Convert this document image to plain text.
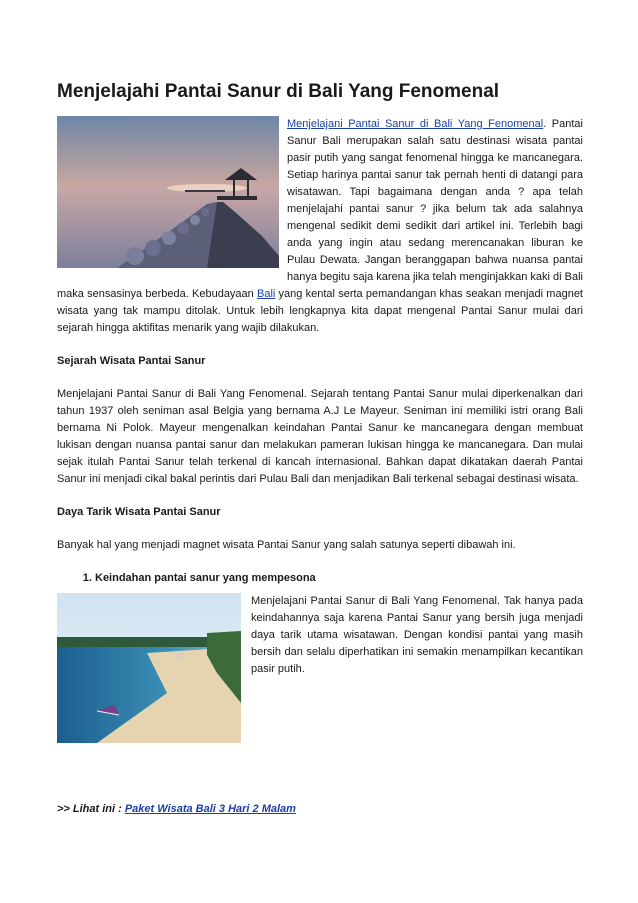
Menjelajahi Pantai Sanur di Bali Yang Fenomenal

Menjelajani Pantai Sanur di Bali Yang Fenomenal. Pantai Sanur Bali merupakan salah satu destinasi wisata pantai pasir putih yang sangat fenomenal hingga ke mancanegara. Setiap harinya pantai sanur tak pernah henti di datangi para wisatawan. Tapi bagaimana dengan anda ? apa telah menjelajahi pantai sanur ? jika belum tak ada salahnya mengenal sedikit demi sedikit dari artikel ini. Terlebih bagi anda yang ingin atau sedang merencanakan liburan ke Pulau Dewata. Jangan beranggapan bahwa nuansa pantai hanya begitu saja karena jika telah menginjakkan kaki di Bali maka sensasinya berbeda. Kebudayaan Bali yang kental serta pemandangan khas seakan menjadi magnet wisata yang tak mampu ditolak. Untuk lebih lengkapnya kita dapat mengenal Pantai Sanur mulai dari sejarah hingga aktifitas menarik yang wajib dilakukan.

Sejarah Wisata Pantai Sanur

Menjelajani Pantai Sanur di Bali Yang Fenomenal. Sejarah tentang Pantai Sanur mulai diperkenalkan dari tahun 1937 oleh seniman asal Belgia yang bernama A.J Le Mayeur. Seniman ini memiliki istri orang Bali bernama Ni Polok. Mayeur mengenalkan keindahan Pantai Sanur ke mancanegara dengan membuat lukisan dengan nuansa pantai sanur dan melakukan pameran lukisan hingga ke mancanegara. Dan mulai sejak itulah Pantai Sanur telah terkenal di kancah internasional. Bahkan dapat dikatakan daerah Pantai Sanur ini menjadi cikal bakal perintis dari Pulau Bali dan menjadikan Bali terkenal sebagai destinasi wisata.

Daya Tarik Wisata Pantai Sanur

Banyak hal yang menjadi magnet wisata Pantai Sanur yang salah satunya seperti dibawah ini.

1. Keindahan pantai sanur yang mempesona

Menjelajani Pantai Sanur di Bali Yang Fenomenal. Tak hanya pada keindahannya saja karena Pantai Sanur yang bersih juga menjadi daya tarik utama wisatawan. Dengan kondisi pantai yang masih bersih dan selalu diperhatikan ini semakin menampilkan kecantikan pasir putih.

>> Lihat ini : Paket Wisata Bali 3 Hari 2 Malam
